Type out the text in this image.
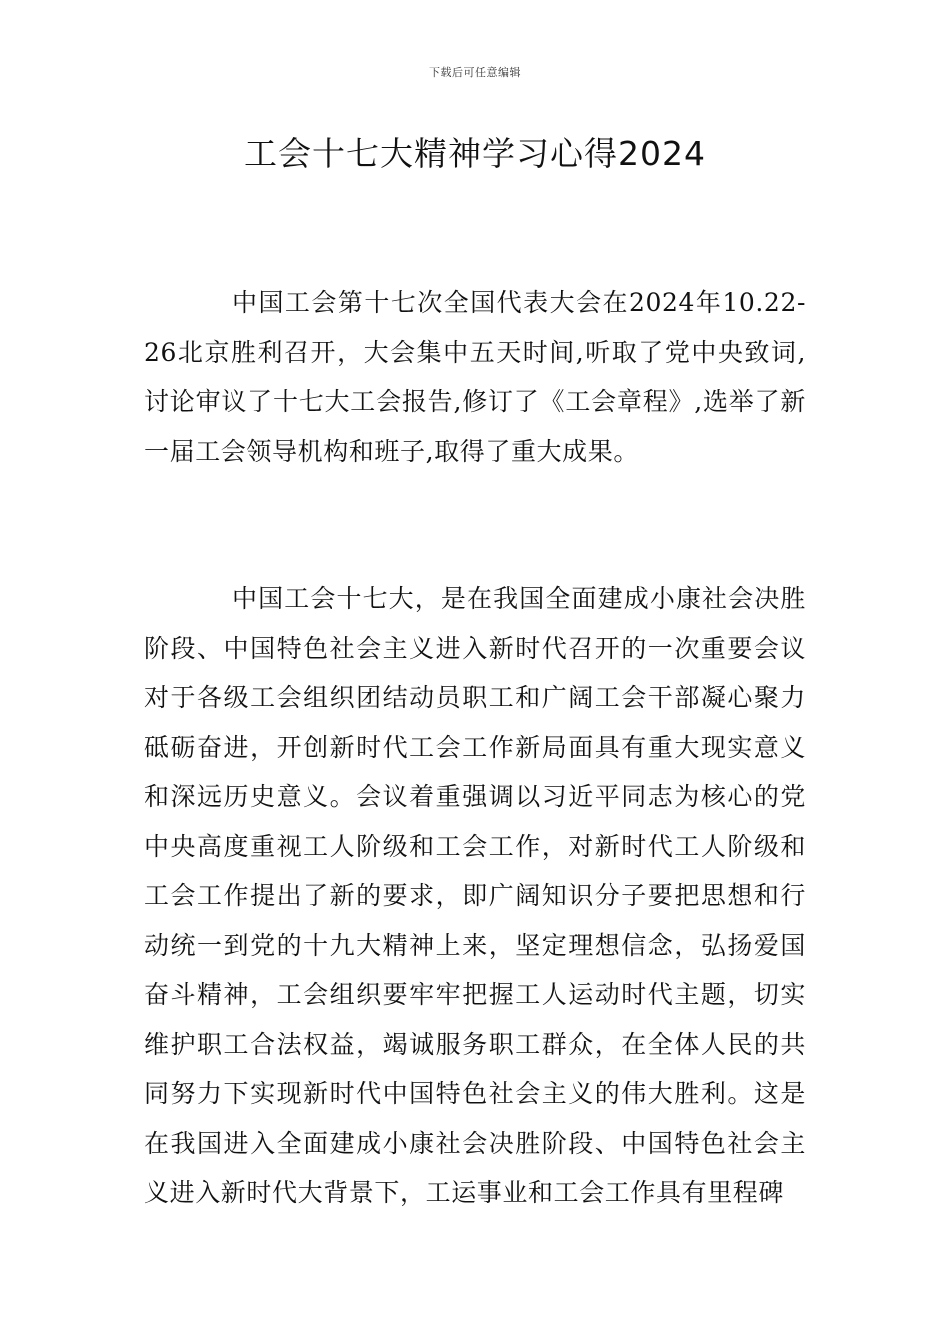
下载后可任意编辑
工会十七大精神学习心得2024
中国工会第十七次全国代表大会在2024年10.22-26北京胜利召开，大会集中五天时间,听取了党中央致词,讨论审议了十七大工会报告,修订了《工会章程》,选举了新一届工会领导机构和班子,取得了重大成果。
中国工会十七大，是在我国全面建成小康社会决胜阶段、中国特色社会主义进入新时代召开的一次重要会议对于各级工会组织团结动员职工和广阔工会干部凝心聚力砥砺奋进，开创新时代工会工作新局面具有重大现实意义和深远历史意义。会议着重强调以习近平同志为核心的党中央高度重视工人阶级和工会工作，对新时代工人阶级和工会工作提出了新的要求，即广阔知识分子要把思想和行动统一到党的十九大精神上来，坚定理想信念，弘扬爱国奋斗精神，工会组织要牢牢把握工人运动时代主题，切实维护职工合法权益，竭诚服务职工群众，在全体人民的共同努力下实现新时代中国特色社会主义的伟大胜利。这是在我国进入全面建成小康社会决胜阶段、中国特色社会主义进入新时代大背景下，工运事业和工会工作具有里程碑
